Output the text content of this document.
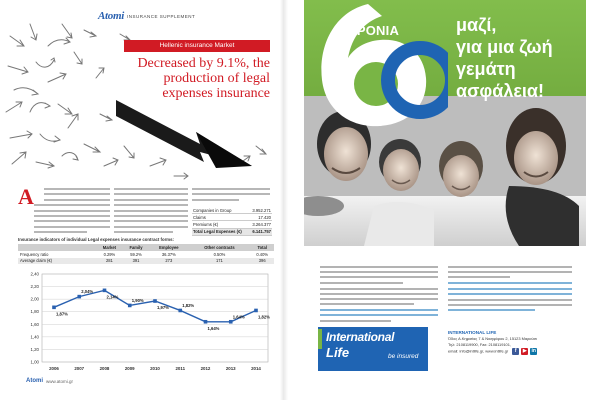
Atomi INSURANCE SUPPLEMENT
Hellenic insurance Market
Decreased by 9.1%, the production of legal expenses insurance
A
Companies in Group	3.952.271
Claims	17.420
Premiums (€)	3.264.377
Total Legal Expenses (€)	6.141.757
Insurance indicators of individual Legal expenses insurance contract forms:
	Market	Family	Employee	Other contracts	Total
Frequency ratio	0.29%	59.2%	36.37%	0.50%	0.40%
Average claim (€)	281	391	273	171	396
2,40
2,20
2,00
1,80
1,60
1,40
1,20
1,00
2006	2007	2008	2009	2010	2011	2012	2013	2014
1,87%
2,04%
2,14%
1,90%
1,97%	1,82%
1,64%
1,64%	1,82%
Atomi www.atomi.gr
ΧΡΟΝΙΑ	μαζί,
για μια ζωή
γεμάτη
ασφάλεια!
International
Life	be insured
INTERNATIONAL LIFE
Όδος Α.Κηφισίας 7 & Νικηφόρου 2, 15123 Μαρούσι
Τηλ: 2108119900, Fax: 2108119101,
email: info@intlife.gr, www.intlife.gr	f	▶ in
